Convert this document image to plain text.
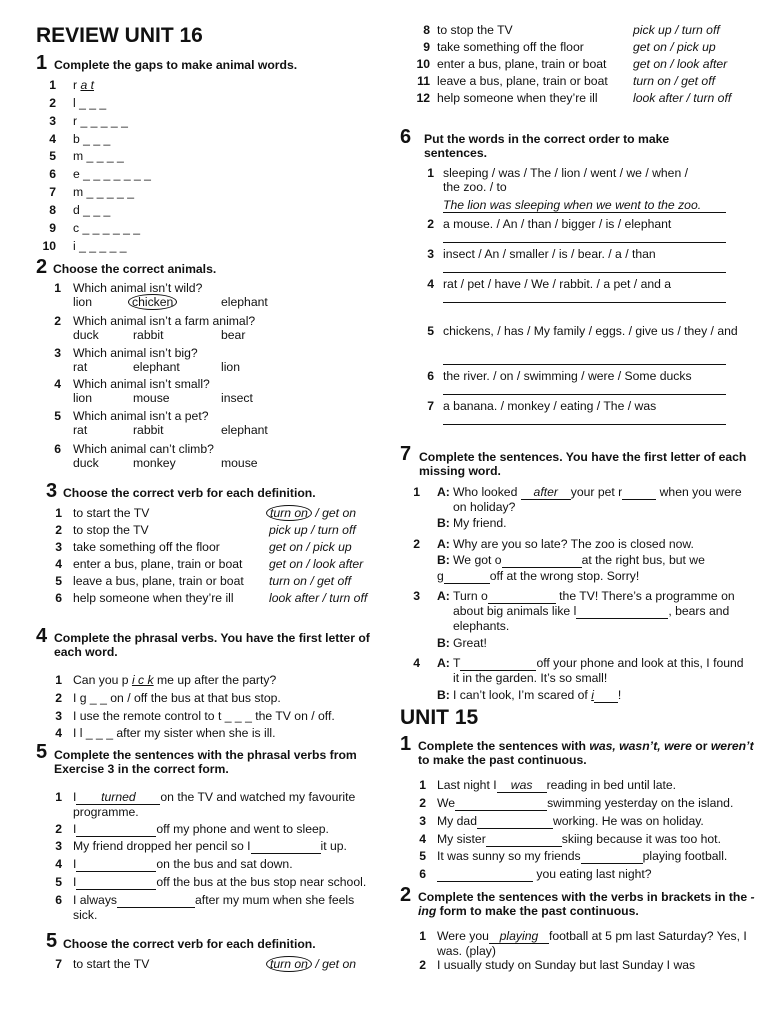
REVIEW UNIT 16
1 Complete the gaps to make animal words.
1 r a t
2 l _ _ _
3 r _ _ _ _ _
4 b _ _ _
5 m _ _ _ _
6 e _ _ _ _ _ _ _
7 m _ _ _ _ _
8 d _ _ _
9 c _ _ _ _ _ _
10 i _ _ _ _ _
2 Choose the correct animals.
1 Which animal isn’t wild?
lion	chicken	elephant
2 Which animal isn’t a farm animal?
duck	rabbit	bear
3 Which animal isn’t big?
rat	elephant	lion
4 Which animal isn’t small?
lion	mouse	insect
5 Which animal isn’t a pet?
rat	rabbit	elephant
6 Which animal can’t climb?
duck	monkey	mouse
3 Choose the correct verb for each definition.
1 to start the TV	turn on / get on
2 to stop the TV	pick up / turn off
3 take something off the floor	get on / pick up
4 enter a bus, plane, train or boat get on / look after
5 leave a bus, plane, train or boat turn on / get off
6 help someone when they’re ill	look after / turn off
4 Complete the phrasal verbs. You have the first letter of each word.
1 Can you p i c k me up after the party?
2 I g _ _ on / off the bus at that bus stop.
3 I use the remote control to t _ _ _ the TV on / off.
4 I l _ _ _ after my sister when she is ill.
5 Complete the sentences with the phrasal verbs from Exercise 3 in the correct form.
1 I turned on the TV and watched my favourite programme.
2 I	off my phone and went to sleep.
3 My friend dropped her pencil so I	it up.
4 I	on the bus and sat down.
5 I	off the bus at the bus stop near school.
6 I always	after my mum when she feels sick.
5 Choose the correct verb for each definition.
7 to start the TV	turn on / get on
8 to stop the TV	pick up / turn off
9 take something off the floor	get on / pick up
10 enter a bus, plane, train or boat get on / look after
11 leave a bus, plane, train or boat turn on / get off
12 help someone when they’re ill	look after / turn off
6 Put the words in the correct order to make sentences.
1 sleeping / was / The / lion / went / we / when / the zoo. / to
The lion was sleeping when we went to the zoo.
2 a mouse. / An / than / bigger / is / elephant
3 insect / An / smaller / is / bear. / a / than
4 rat / pet / have / We / rabbit. / a pet / and a
5 chickens, / has / My family / eggs. / give us / they / and
6 the river. / on / swimming / were / Some ducks
7 a banana. / monkey / eating / The / was
7 Complete the sentences. You have the first letter of each missing word.
1 A: Who looked after your pet r	when you were on holiday?
B: My friend.
2 A: Why are you so late? The zoo is closed now.
B: We got o	at the right bus, but we
g	off at the wrong stop. Sorry!
3 A: Turn o	the TV! There’s a programme on about big animals like l	, bears and elephants.
B: Great!
4 A: T	off your phone and look at this, I found it in the garden. It’s so small!
B: I can’t look, I’m scared of i !
UNIT 15
1 Complete the sentences with was, wasn’t, were or weren’t to make the past continuous.
1 Last night I was reading in bed until late.
2 We	swimming yesterday on the island.
3 My dad	working. He was on holiday.
4 My sister	skiing because it was too hot.
5 It was sunny so my friends	playing football.
6	you eating last night?
2 Complete the sentences with the verbs in brackets in the -ing form to make the past continuous.
1 Were you playing football at 5 pm last Saturday? Yes, I was. (play)
2 I usually study on Sunday but last Sunday I was
